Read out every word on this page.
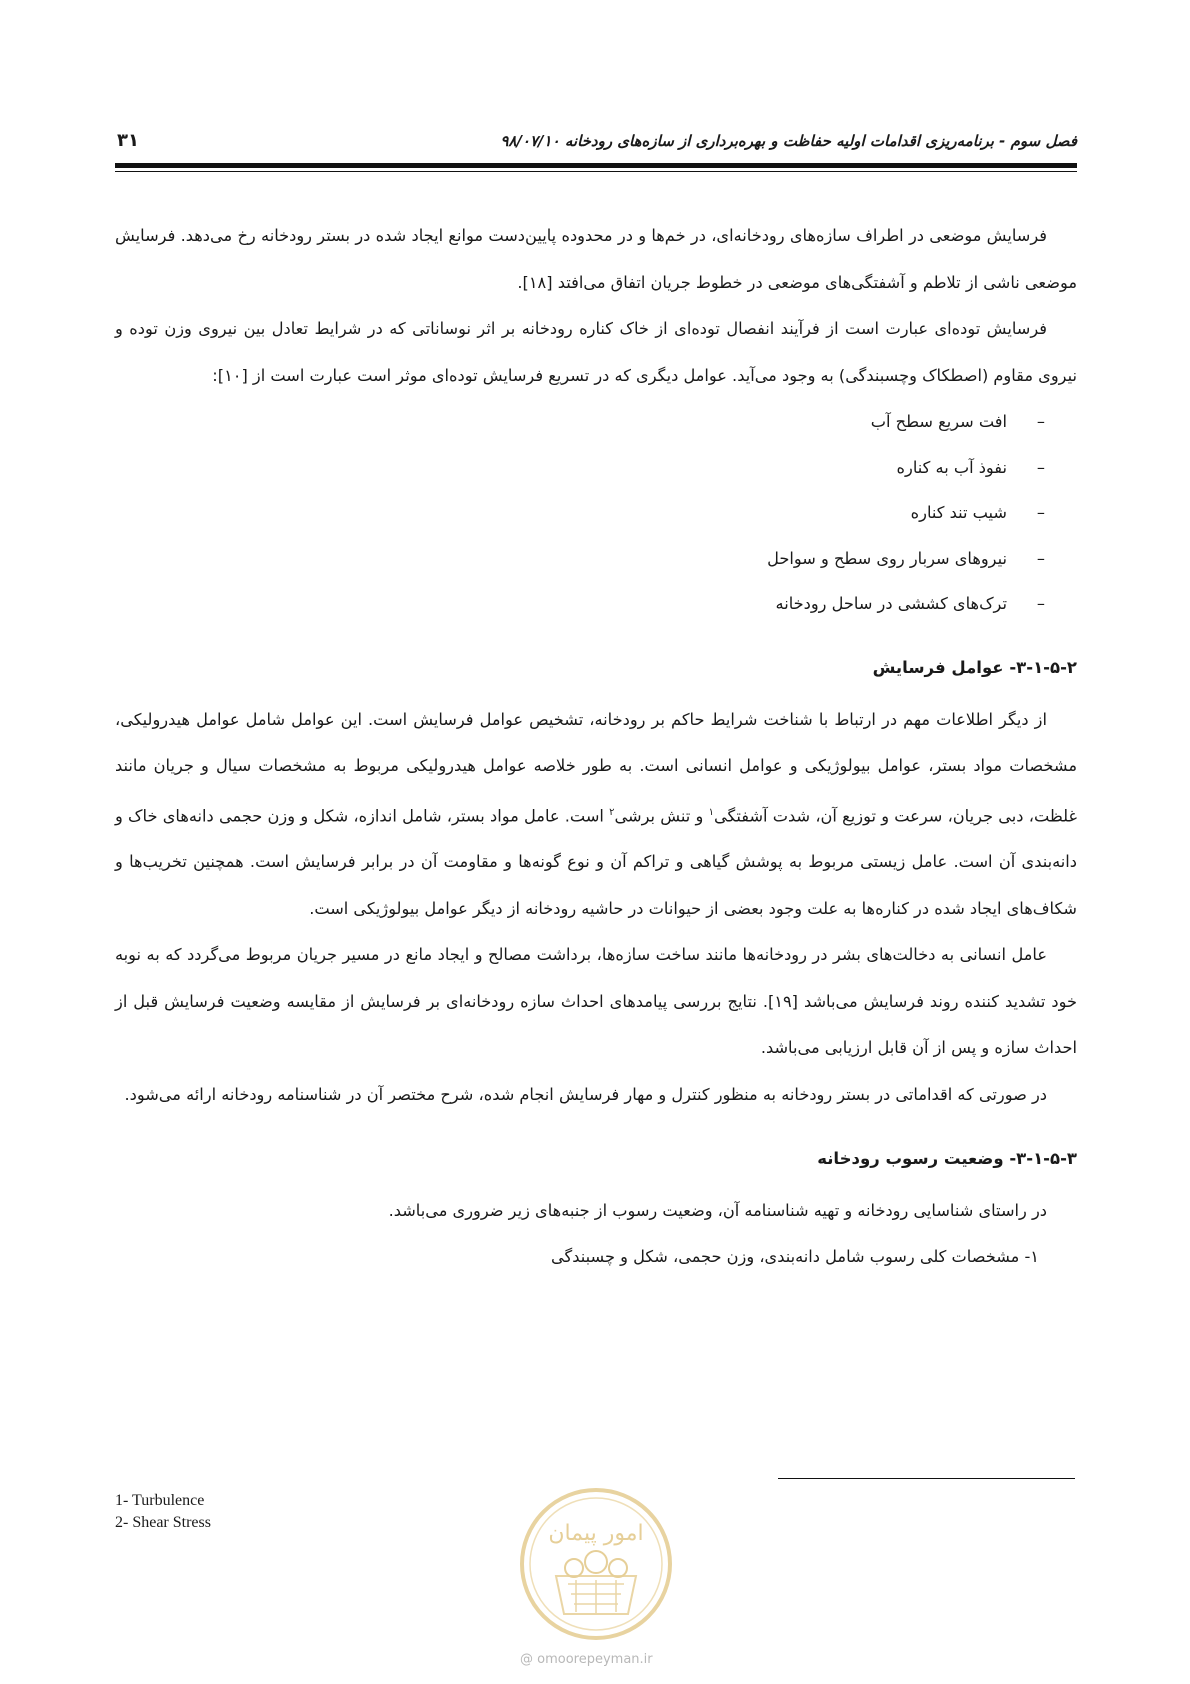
فصل سوم - برنامه‌ریزی اقدامات اولیه حفاظت و بهره‌برداری از سازه‌های رودخانه ۹۸/۰۷/۱۰
۳۱

فرسایش موضعی در اطراف سازه‌های رودخانه‌ای، در خم‌ها و در محدوده پایین‌دست موانع ایجاد شده در بستر رودخانه رخ می‌دهد. فرسایش موضعی ناشی از تلاطم و آشفتگی‌های موضعی در خطوط جریان اتفاق می‌افتد [۱۸].

فرسایش توده‌ای عبارت است از فرآیند انفصال توده‌ای از خاک کناره رودخانه بر اثر نوساناتی که در شرایط تعادل بین نیروی وزن توده و نیروی مقاوم (اصطکاک وچسبندگی) به وجود می‌آید. عوامل دیگری که در تسریع فرسایش توده‌ای موثر است عبارت است از [۱۰]:

–افت سریع سطح آب
–نفوذ آب به کناره
–شیب تند کناره
–نیروهای سربار روی سطح و سواحل
–ترک‌های کششی در ساحل رودخانه
۳-۱-۵-۲- عوامل فرسایش

از دیگر اطلاعات مهم در ارتباط با شناخت شرایط حاکم بر رودخانه، تشخیص عوامل فرسایش است. این عوامل شامل عوامل هیدرولیکی، مشخصات مواد بستر، عوامل بیولوژیکی و عوامل انسانی است. به طور خلاصه عوامل هیدرولیکی مربوط به مشخصات سیال و جریان مانند غلظت، دبی جریان، سرعت و توزیع آن، شدت آشفتگی$^۱$ و تنش برشی$^۲$ است. عامل مواد بستر، شامل اندازه، شکل و وزن حجمی دانه‌های خاک و دانه‌بندی آن است. عامل زیستی مربوط به پوشش گیاهی و تراکم آن و نوع گونه‌ها و مقاومت آن در برابر فرسایش است. همچنین تخریب‌ها و شکاف‌های ایجاد شده در کناره‌ها به علت وجود بعضی از حیوانات در حاشیه رودخانه از دیگر عوامل بیولوژیکی است.

عامل انسانی به دخالت‌های بشر در رودخانه‌ها مانند ساخت سازه‌ها، برداشت مصالح و ایجاد مانع در مسیر جریان مربوط می‌گردد که به نوبه خود تشدید کننده روند فرسایش می‌باشد [۱۹]. نتایج بررسی پیامدهای احداث سازه رودخانه‌ای بر فرسایش از مقایسه وضعیت فرسایش قبل از احداث سازه و پس از آن قابل ارزیابی می‌باشد.

در صورتی که اقداماتی در بستر رودخانه به منظور کنترل و مهار فرسایش انجام شده، شرح مختصر آن در شناسنامه رودخانه ارائه می‌شود.

۳-۱-۵-۳- وضعیت رسوب رودخانه

در راستای شناسایی رودخانه و تهیه شناسنامه آن، وضعیت رسوب از جنبه‌های زیر ضروری می‌باشد.

۱- مشخصات کلی رسوب شامل دانه‌بندی، وزن حجمی، شکل و چسبندگی
1- Turbulence
2- Shear Stress	امور پیمان
@ omoorepeyman.ir
